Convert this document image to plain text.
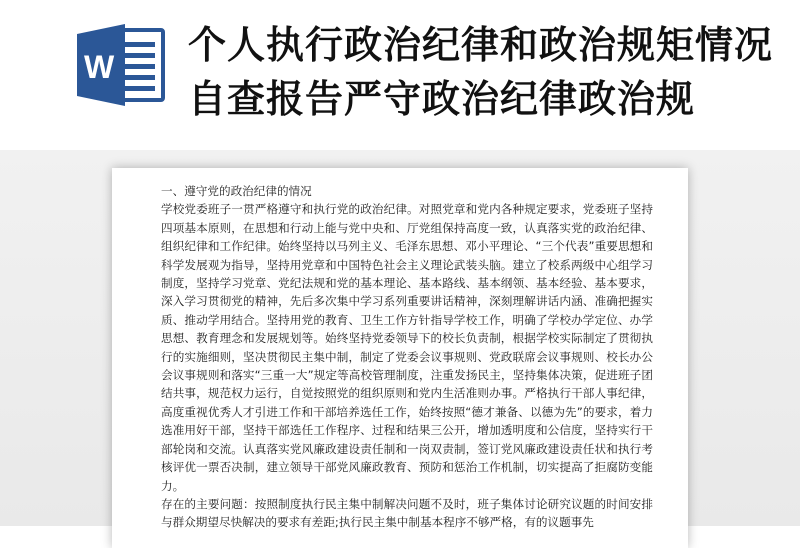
W 个人执行政治纪律和政治规矩情况自查报告严守政治纪律政治规

一、遵守党的政治纪律的情况

学校党委班子一贯严格遵守和执行党的政治纪律。对照党章和党内各种规定要求，党委班子坚持四项基本原则，在思想和行动上能与党中央和、厅党组保持高度一致，认真落实党的政治纪律、组织纪律和工作纪律。始终坚持以马列主义、毛泽东思想、邓小平理论、“三个代表”重要思想和科学发展观为指导，坚持用党章和中国特色社会主义理论武装头脑。建立了校系两级中心组学习制度，坚持学习党章、党纪法规和党的基本理论、基本路线、基本纲领、基本经验、基本要求，深入学习贯彻党的精神，先后多次集中学习系列重要讲话精神，深刻理解讲话内涵、准确把握实质、推动学用结合。坚持用党的教育、卫生工作方针指导学校工作，明确了学校办学定位、办学思想、教育理念和发展规划等。始终坚持党委领导下的校长负责制，根据学校实际制定了贯彻执行的实施细则，坚决贯彻民主集中制，制定了党委会议事规则、党政联席会议事规则、校长办公会议事规则和落实“三重一大”规定等高校管理制度，注重发扬民主，坚持集体决策，促进班子团结共事，规范权力运行，自觉按照党的组织原则和党内生活准则办事。严格执行干部人事纪律，高度重视优秀人才引进工作和干部培养选任工作，始终按照“德才兼备、以德为先”的要求，着力选准用好干部，坚持干部选任工作程序、过程和结果三公开，增加透明度和公信度，坚持实行干部轮岗和交流。认真落实党风廉政建设责任制和一岗双责制，签订党风廉政建设责任状和执行考核评优一票否决制，建立领导干部党风廉政教育、预防和惩治工作机制，切实提高了拒腐防变能力。

存在的主要问题：按照制度执行民主集中制解决问题不及时，班子集体讨论研究议题的时间安排与群众期望尽快解决的要求有差距;执行民主集中制基本程序不够严格，有的议题事先
